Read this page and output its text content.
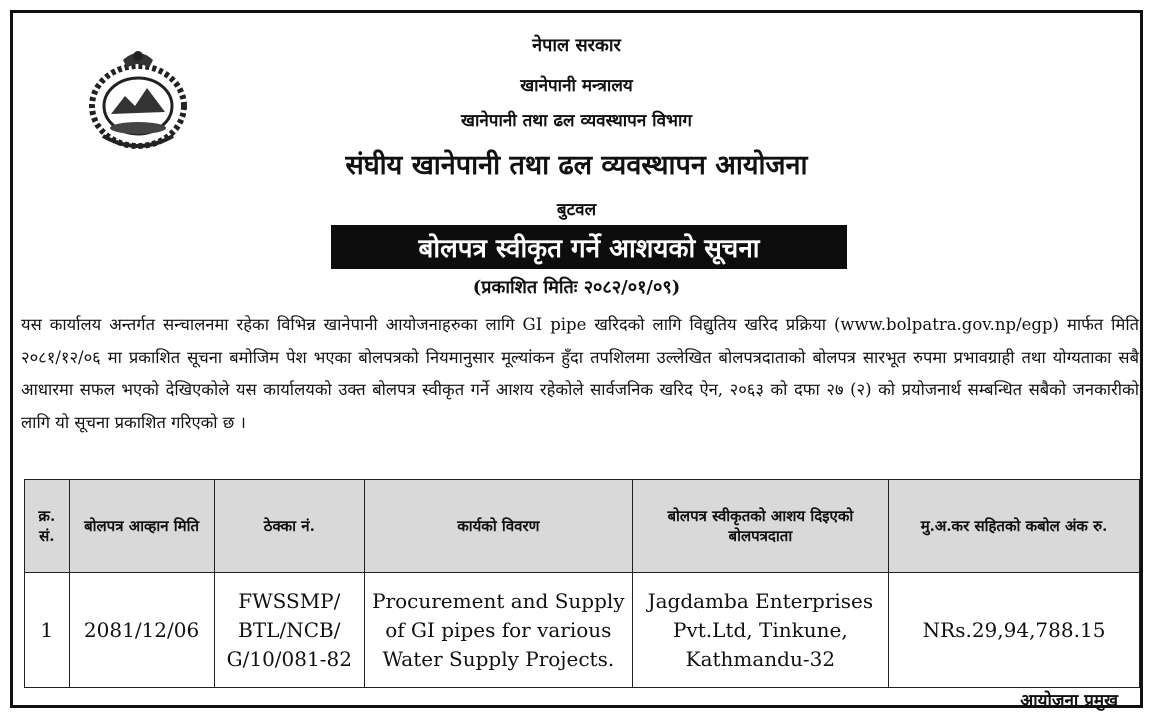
नेपाल सरकार
खानेपानी मन्त्रालय
खानेपानी तथा ढल व्यवस्थापन विभाग
संघीय खानेपानी तथा ढल व्यवस्थापन आयोजना
बुटवल
बोलपत्र स्वीकृत गर्ने आशयको सूचना
(प्रकाशित मितिः २०८२/०१/०९)
यस कार्यालय अन्तर्गत सन्चालनमा रहेका विभिन्न खानेपानी आयोजनाहरुका लागि GI pipe खरिदको लागि विद्युतिय खरिद प्रक्रिया (www.bolpatra.gov.np/egp) मार्फत मिति २०८१/१२/०६ मा प्रकाशित सूचना बमोजिम पेश भएका बोलपत्रको नियमानुसार मूल्यांकन हुँदा तपशिलमा उल्लेखित बोलपत्रदाताको बोलपत्र सारभूत रुपमा प्रभावग्राही तथा योग्यताका सबै आधारमा सफल भएको देखिएकोले यस कार्यालयको उक्त बोलपत्र स्वीकृत गर्ने आशय रहेकोले सार्वजनिक खरिद ऐन, २०६३ को दफा २७ (२) को प्रयोजनार्थ सम्बन्धित सबैको जनकारीको लागि यो सूचना प्रकाशित गरिएको छ ।
क्र. सं.	बोलपत्र आव्हान मिति	ठेक्का नं.	कार्यको विवरण	बोलपत्र स्वीकृतको आशय दिइएको बोलपत्रदाता	मु.अ.कर सहितको कबोल अंक रु.
1	2081/12/06	FWSSMP/ BTL/NCB/ G/10/081-82	Procurement and Supply of GI pipes for various Water Supply Projects.	Jagdamba Enterprises Pvt.Ltd, Tinkune, Kathmandu-32	NRs.29,94,788.15
आयोजना प्रमुख
